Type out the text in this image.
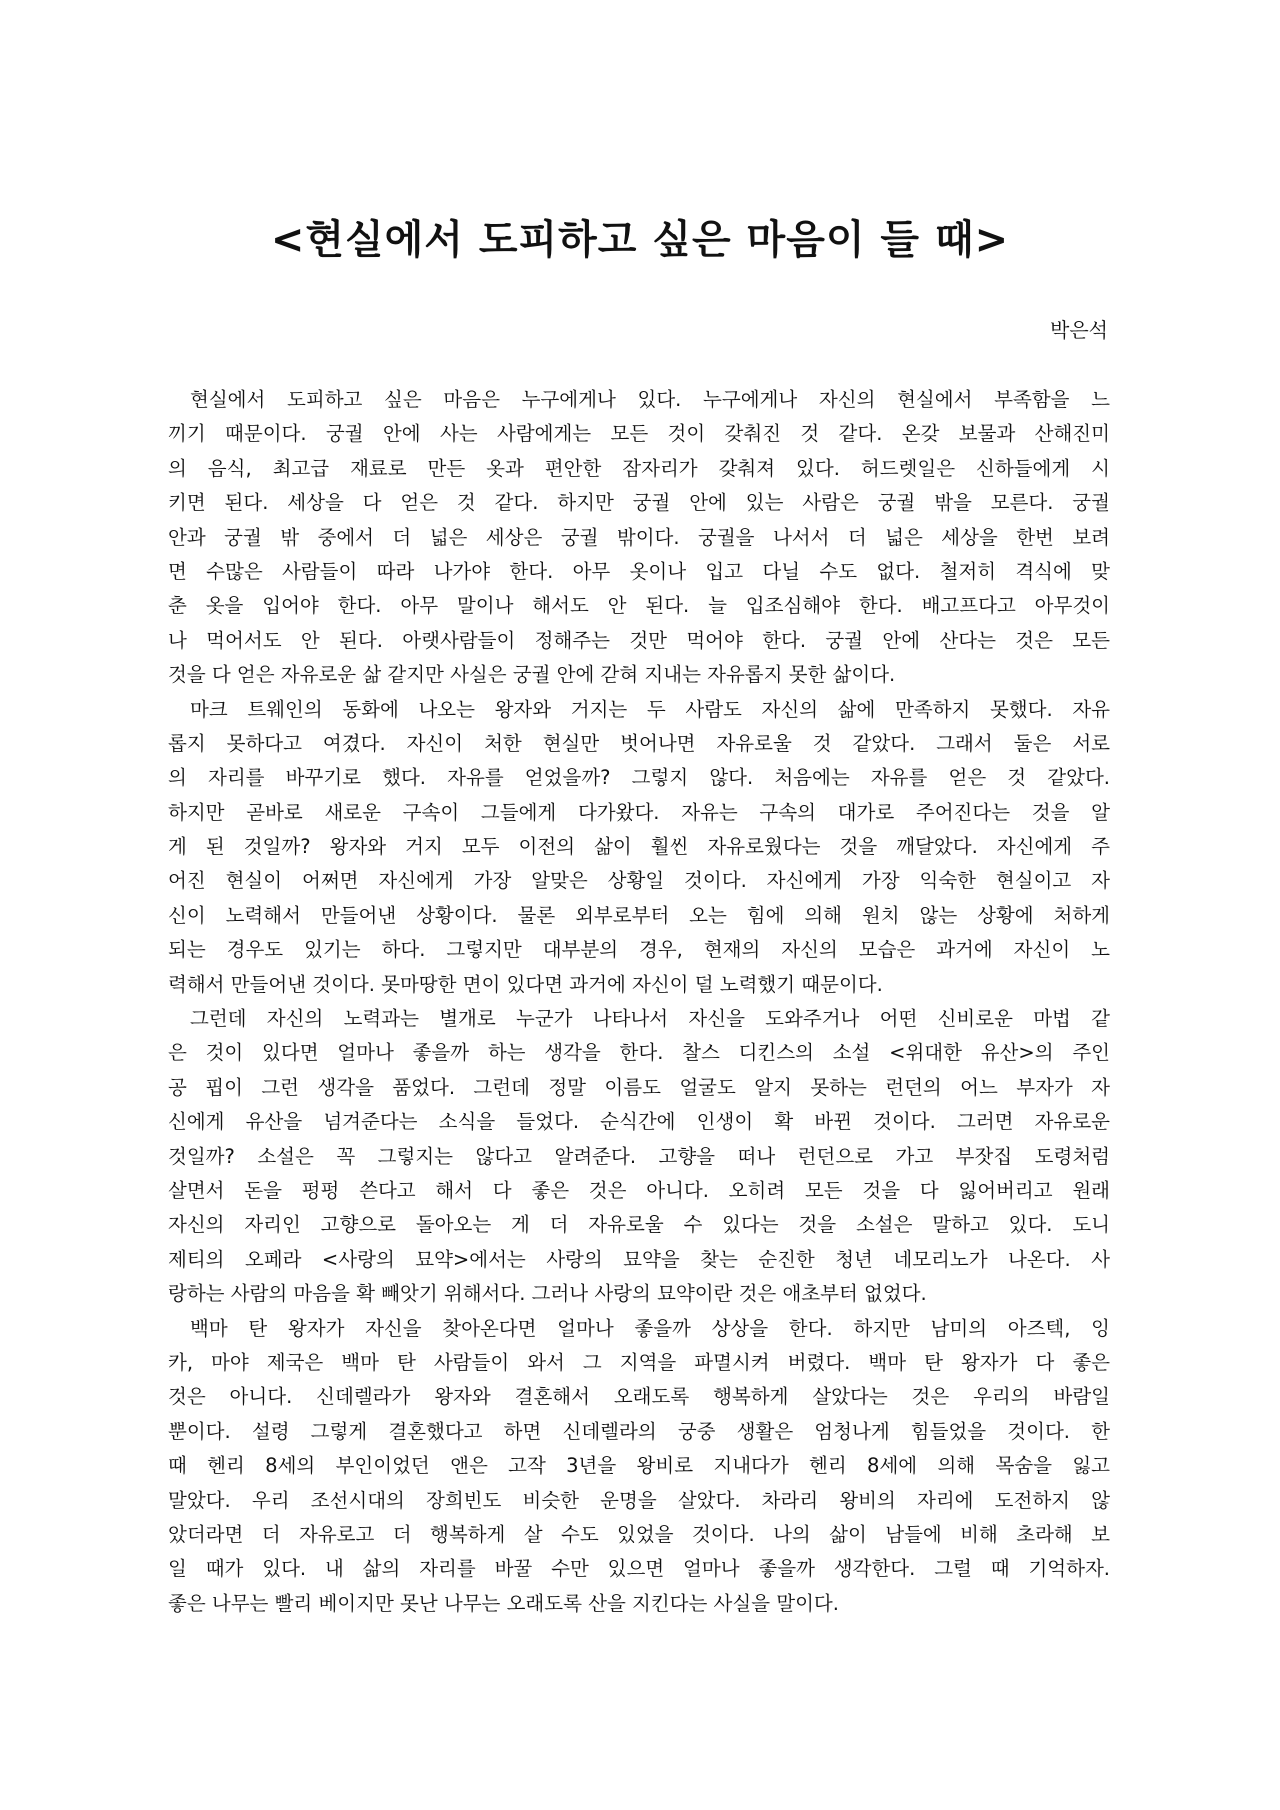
<현실에서 도피하고 싶은 마음이 들 때>
박은석
현실에서 도피하고 싶은 마음은 누구에게나 있다. 누구에게나 자신의 현실에서 부족함을 느
끼기 때문이다. 궁궐 안에 사는 사람에게는 모든 것이 갖춰진 것 같다. 온갖 보물과 산해진미
의 음식, 최고급 재료로 만든 옷과 편안한 잠자리가 갖춰져 있다. 허드렛일은 신하들에게 시
키면 된다. 세상을 다 얻은 것 같다. 하지만 궁궐 안에 있는 사람은 궁궐 밖을 모른다. 궁궐
안과 궁궐 밖 중에서 더 넓은 세상은 궁궐 밖이다. 궁궐을 나서서 더 넓은 세상을 한번 보려
면 수많은 사람들이 따라 나가야 한다. 아무 옷이나 입고 다닐 수도 없다. 철저히 격식에 맞
춘 옷을 입어야 한다. 아무 말이나 해서도 안 된다. 늘 입조심해야 한다. 배고프다고 아무것이
나 먹어서도 안 된다. 아랫사람들이 정해주는 것만 먹어야 한다. 궁궐 안에 산다는 것은 모든
것을 다 얻은 자유로운 삶 같지만 사실은 궁궐 안에 갇혀 지내는 자유롭지 못한 삶이다.
마크 트웨인의 동화에 나오는 왕자와 거지는 두 사람도 자신의 삶에 만족하지 못했다. 자유
롭지 못하다고 여겼다. 자신이 처한 현실만 벗어나면 자유로울 것 같았다. 그래서 둘은 서로
의 자리를 바꾸기로 했다. 자유를 얻었을까? 그렇지 않다. 처음에는 자유를 얻은 것 같았다.
하지만 곧바로 새로운 구속이 그들에게 다가왔다. 자유는 구속의 대가로 주어진다는 것을 알
게 된 것일까? 왕자와 거지 모두 이전의 삶이 훨씬 자유로웠다는 것을 깨달았다. 자신에게 주
어진 현실이 어쩌면 자신에게 가장 알맞은 상황일 것이다. 자신에게 가장 익숙한 현실이고 자
신이 노력해서 만들어낸 상황이다. 물론 외부로부터 오는 힘에 의해 원치 않는 상황에 처하게
되는 경우도 있기는 하다. 그렇지만 대부분의 경우, 현재의 자신의 모습은 과거에 자신이 노
력해서 만들어낸 것이다. 못마땅한 면이 있다면 과거에 자신이 덜 노력했기 때문이다.
그런데 자신의 노력과는 별개로 누군가 나타나서 자신을 도와주거나 어떤 신비로운 마법 같
은 것이 있다면 얼마나 좋을까 하는 생각을 한다. 찰스 디킨스의 소설 <위대한 유산>의 주인
공 핍이 그런 생각을 품었다. 그런데 정말 이름도 얼굴도 알지 못하는 런던의 어느 부자가 자
신에게 유산을 넘겨준다는 소식을 들었다. 순식간에 인생이 확 바뀐 것이다. 그러면 자유로운
것일까? 소설은 꼭 그렇지는 않다고 알려준다. 고향을 떠나 런던으로 가고 부잣집 도령처럼
살면서 돈을 펑펑 쓴다고 해서 다 좋은 것은 아니다. 오히려 모든 것을 다 잃어버리고 원래
자신의 자리인 고향으로 돌아오는 게 더 자유로울 수 있다는 것을 소설은 말하고 있다. 도니
제티의 오페라 <사랑의 묘약>에서는 사랑의 묘약을 찾는 순진한 청년 네모리노가 나온다. 사
랑하는 사람의 마음을 확 빼앗기 위해서다. 그러나 사랑의 묘약이란 것은 애초부터 없었다.
백마 탄 왕자가 자신을 찾아온다면 얼마나 좋을까 상상을 한다. 하지만 남미의 아즈텍, 잉
카, 마야 제국은 백마 탄 사람들이 와서 그 지역을 파멸시켜 버렸다. 백마 탄 왕자가 다 좋은
것은 아니다. 신데렐라가 왕자와 결혼해서 오래도록 행복하게 살았다는 것은 우리의 바람일
뿐이다. 설령 그렇게 결혼했다고 하면 신데렐라의 궁중 생활은 엄청나게 힘들었을 것이다. 한
때 헨리 8세의 부인이었던 앤은 고작 3년을 왕비로 지내다가 헨리 8세에 의해 목숨을 잃고
말았다. 우리 조선시대의 장희빈도 비슷한 운명을 살았다. 차라리 왕비의 자리에 도전하지 않
았더라면 더 자유로고 더 행복하게 살 수도 있었을 것이다. 나의 삶이 남들에 비해 초라해 보
일 때가 있다. 내 삶의 자리를 바꿀 수만 있으면 얼마나 좋을까 생각한다. 그럴 때 기억하자.
좋은 나무는 빨리 베이지만 못난 나무는 오래도록 산을 지킨다는 사실을 말이다.
